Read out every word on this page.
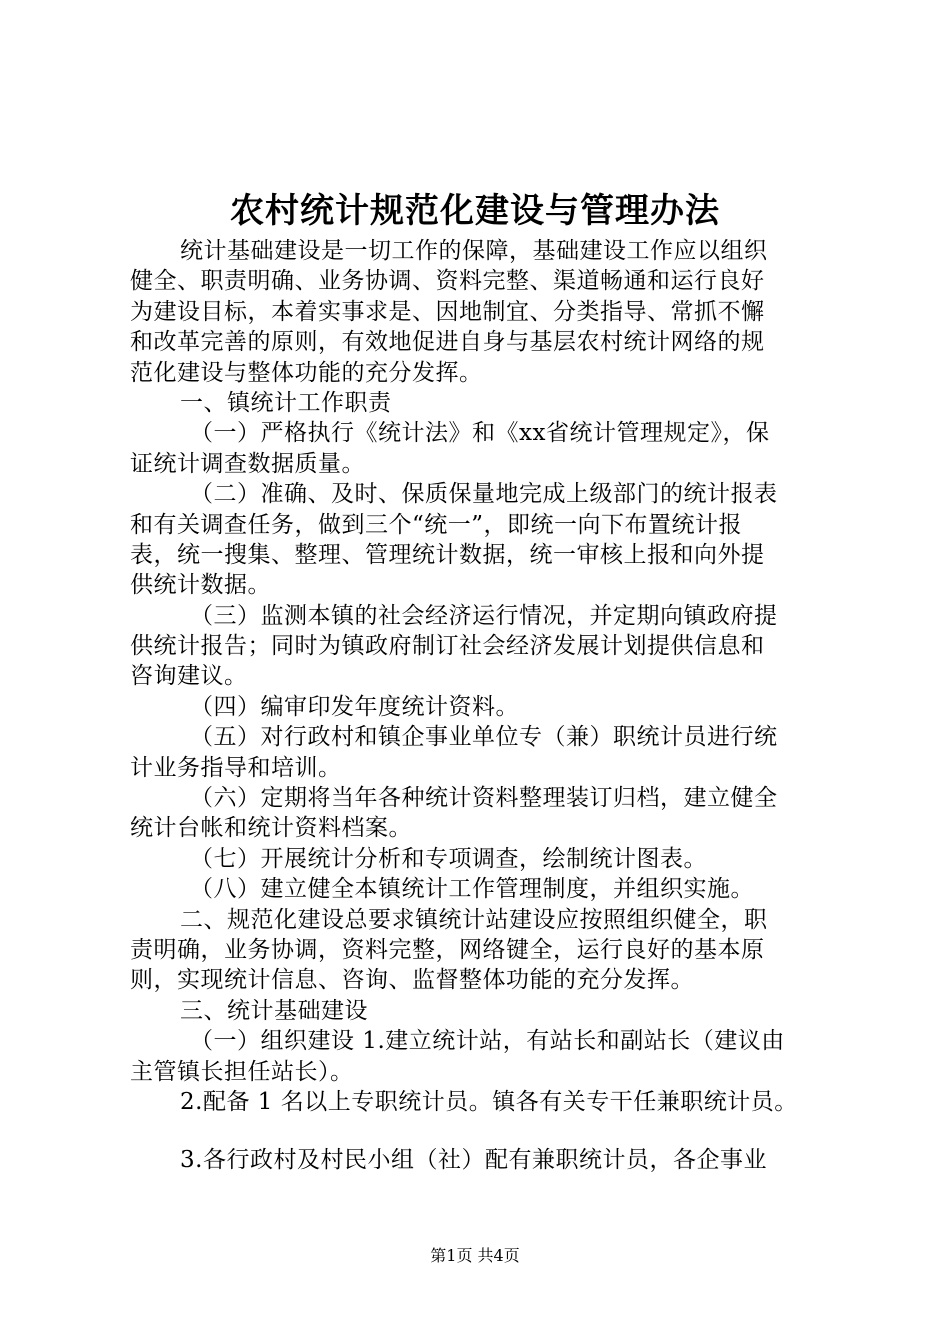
农村统计规范化建设与管理办法
统计基础建设是一切工作的保障，基础建设工作应以组织
健全、职责明确、业务协调、资料完整、渠道畅通和运行良好
为建设目标，本着实事求是、因地制宜、分类指导、常抓不懈
和改革完善的原则，有效地促进自身与基层农村统计网络的规
范化建设与整体功能的充分发挥。
一、镇统计工作职责
（一）严格执行《统计法》和《xx省统计管理规定》，保
证统计调查数据质量。
（二）准确、及时、保质保量地完成上级部门的统计报表
和有关调查任务，做到三个“统一”，即统一向下布置统计报
表，统一搜集、整理、管理统计数据，统一审核上报和向外提
供统计数据。
（三）监测本镇的社会经济运行情况，并定期向镇政府提
供统计报告；同时为镇政府制订社会经济发展计划提供信息和
咨询建议。
（四）编审印发年度统计资料。
（五）对行政村和镇企事业单位专（兼）职统计员进行统
计业务指导和培训。
（六）定期将当年各种统计资料整理装订归档，建立健全
统计台帐和统计资料档案。
（七）开展统计分析和专项调查，绘制统计图表。
（八）建立健全本镇统计工作管理制度，并组织实施。
二、规范化建设总要求镇统计站建设应按照组织健全，职
责明确，业务协调，资料完整，网络键全，运行良好的基本原
则，实现统计信息、咨询、监督整体功能的充分发挥。
三、统计基础建设
（一）组织建设 1.建立统计站，有站长和副站长（建议由
主管镇长担任站长）。
2.配备 1 名以上专职统计员。镇各有关专干任兼职统计员。
3.各行政村及村民小组（社）配有兼职统计员，各企事业
第1页 共4页
